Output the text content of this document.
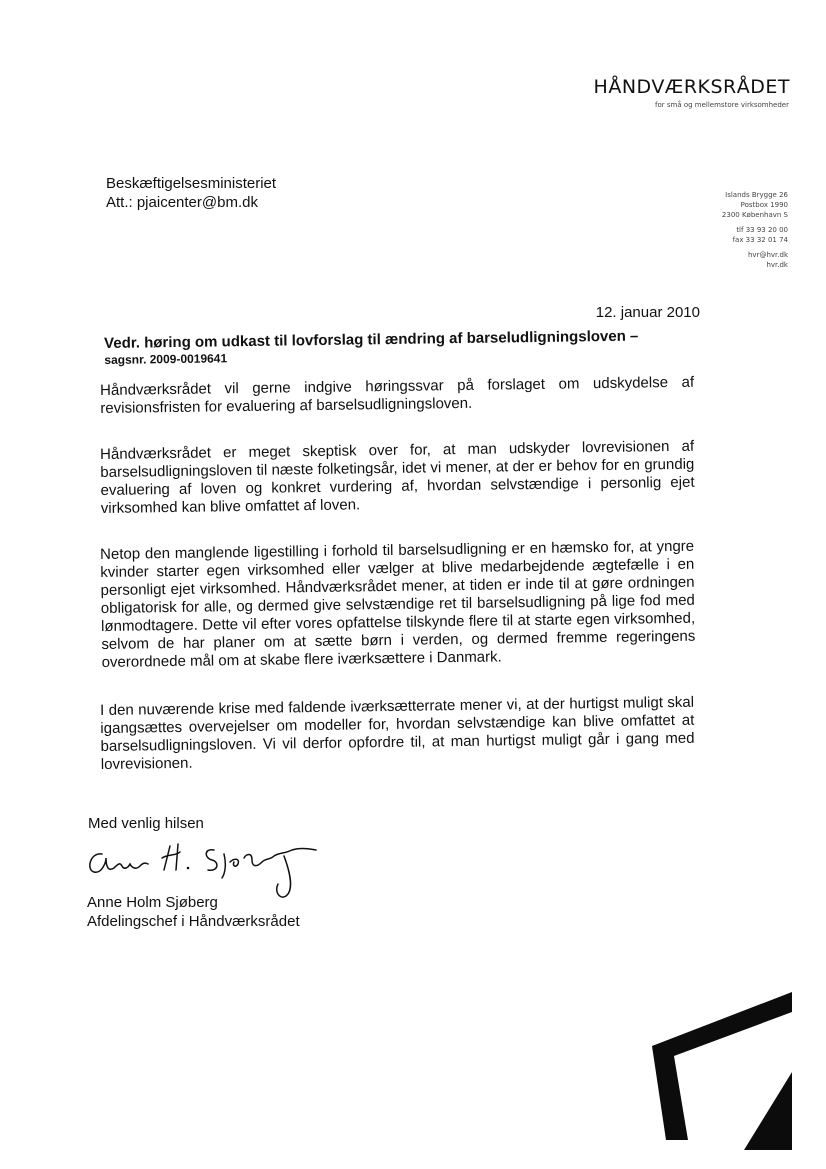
HÅNDVÆRKSRÅDET
for små og mellemstore virksomheder
Beskæftigelsesministeriet
Att.: pjaicenter@bm.dk	Islands Brygge 26
Postbox 1990
2300 København S
tlf 33 93 20 00
fax 33 32 01 74
hvr@hvr.dk
hvr.dk
12. januar 2010
Vedr. høring om udkast til lovforslag til ændring af barseludligningsloven –
sagsnr. 2009-0019641

Håndværksrådet vil gerne indgive høringssvar på forslaget om udskydelse af revisionsfristen for evaluering af barselsudligningsloven.

Håndværksrådet er meget skeptisk over for, at man udskyder lovrevisionen af barselsudligningsloven til næste folketingsår, idet vi mener, at der er behov for en grundig evaluering af loven og konkret vurdering af, hvordan selvstændige i personlig ejet virksomhed kan blive omfattet af loven.

Netop den manglende ligestilling i forhold til barselsudligning er en hæmsko for, at yngre kvinder starter egen virksomhed eller vælger at blive medarbejdende ægtefælle i en personligt ejet virksomhed. Håndværksrådet mener, at tiden er inde til at gøre ordningen obligatorisk for alle, og dermed give selvstændige ret til barselsudligning på lige fod med lønmodtagere. Dette vil efter vores opfattelse tilskynde flere til at starte egen virksomhed, selvom de har planer om at sætte børn i verden, og dermed fremme regeringens overordnede mål om at skabe flere iværksættere i Danmark.

I den nuværende krise med faldende iværksætterrate mener vi, at der hurtigst muligt skal igangsættes overvejelser om modeller for, hvordan selvstændige kan blive omfattet at barselsudligningsloven. Vi vil derfor opfordre til, at man hurtigst muligt går i gang med lovrevisionen.

Med venlig hilsen
Anne Holm Sjøberg
Afdelingschef i Håndværksrådet
